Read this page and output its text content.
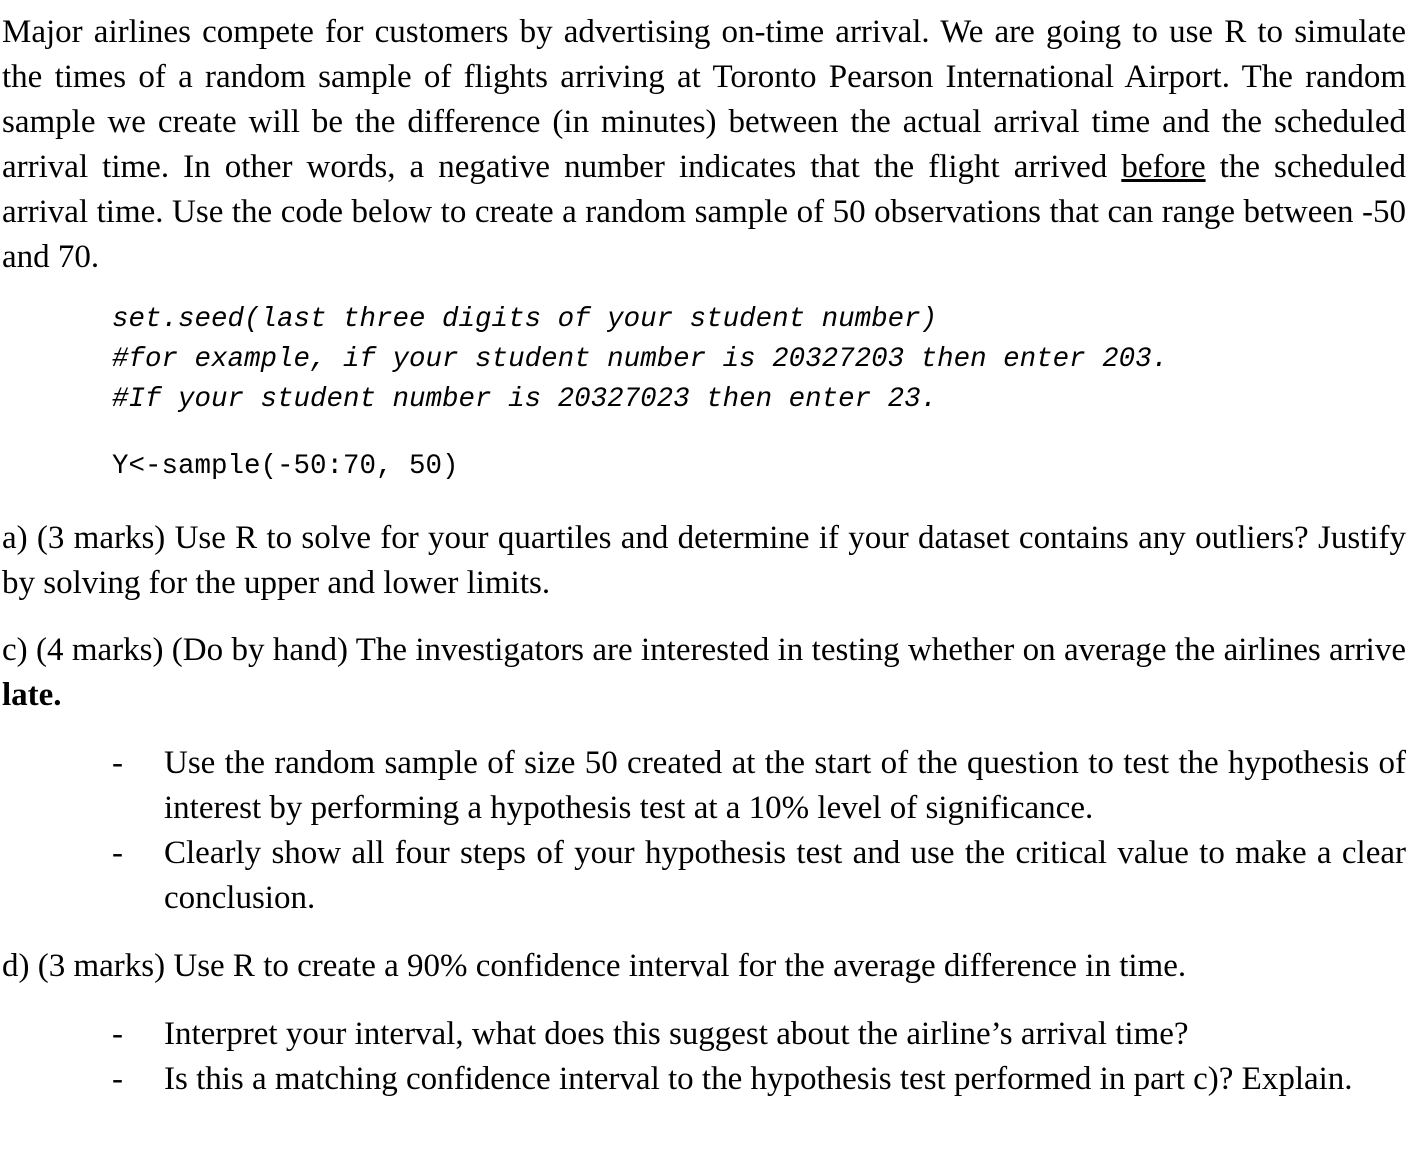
Major airlines compete for customers by advertising on-time arrival. We are going to use R to simulate the times of a random sample of flights arriving at Toronto Pearson International Airport. The random sample we create will be the difference (in minutes) between the actual arrival time and the scheduled arrival time. In other words, a negative number indicates that the flight arrived before the scheduled arrival time. Use the code below to create a random sample of 50 observations that can range between -50 and 70.

set.seed(last three digits of your student number)
#for example, if your student number is 20327203 then enter 203.
#If your student number is 20327023 then enter 23.
Y<-sample(-50:70, 50)

a) (3 marks) Use R to solve for your quartiles and determine if your dataset contains any outliers? Justify by solving for the upper and lower limits.

c) (4 marks) (Do by hand) The investigators are interested in testing whether on average the airlines arrive late.

- Use the random sample of size 50 created at the start of the question to test the hypothesis of interest by performing a hypothesis test at a 10% level of significance.
- Clearly show all four steps of your hypothesis test and use the critical value to make a clear conclusion.

d) (3 marks) Use R to create a 90% confidence interval for the average difference in time.

- Interpret your interval, what does this suggest about the airline’s arrival time?
- Is this a matching confidence interval to the hypothesis test performed in part c)? Explain.
